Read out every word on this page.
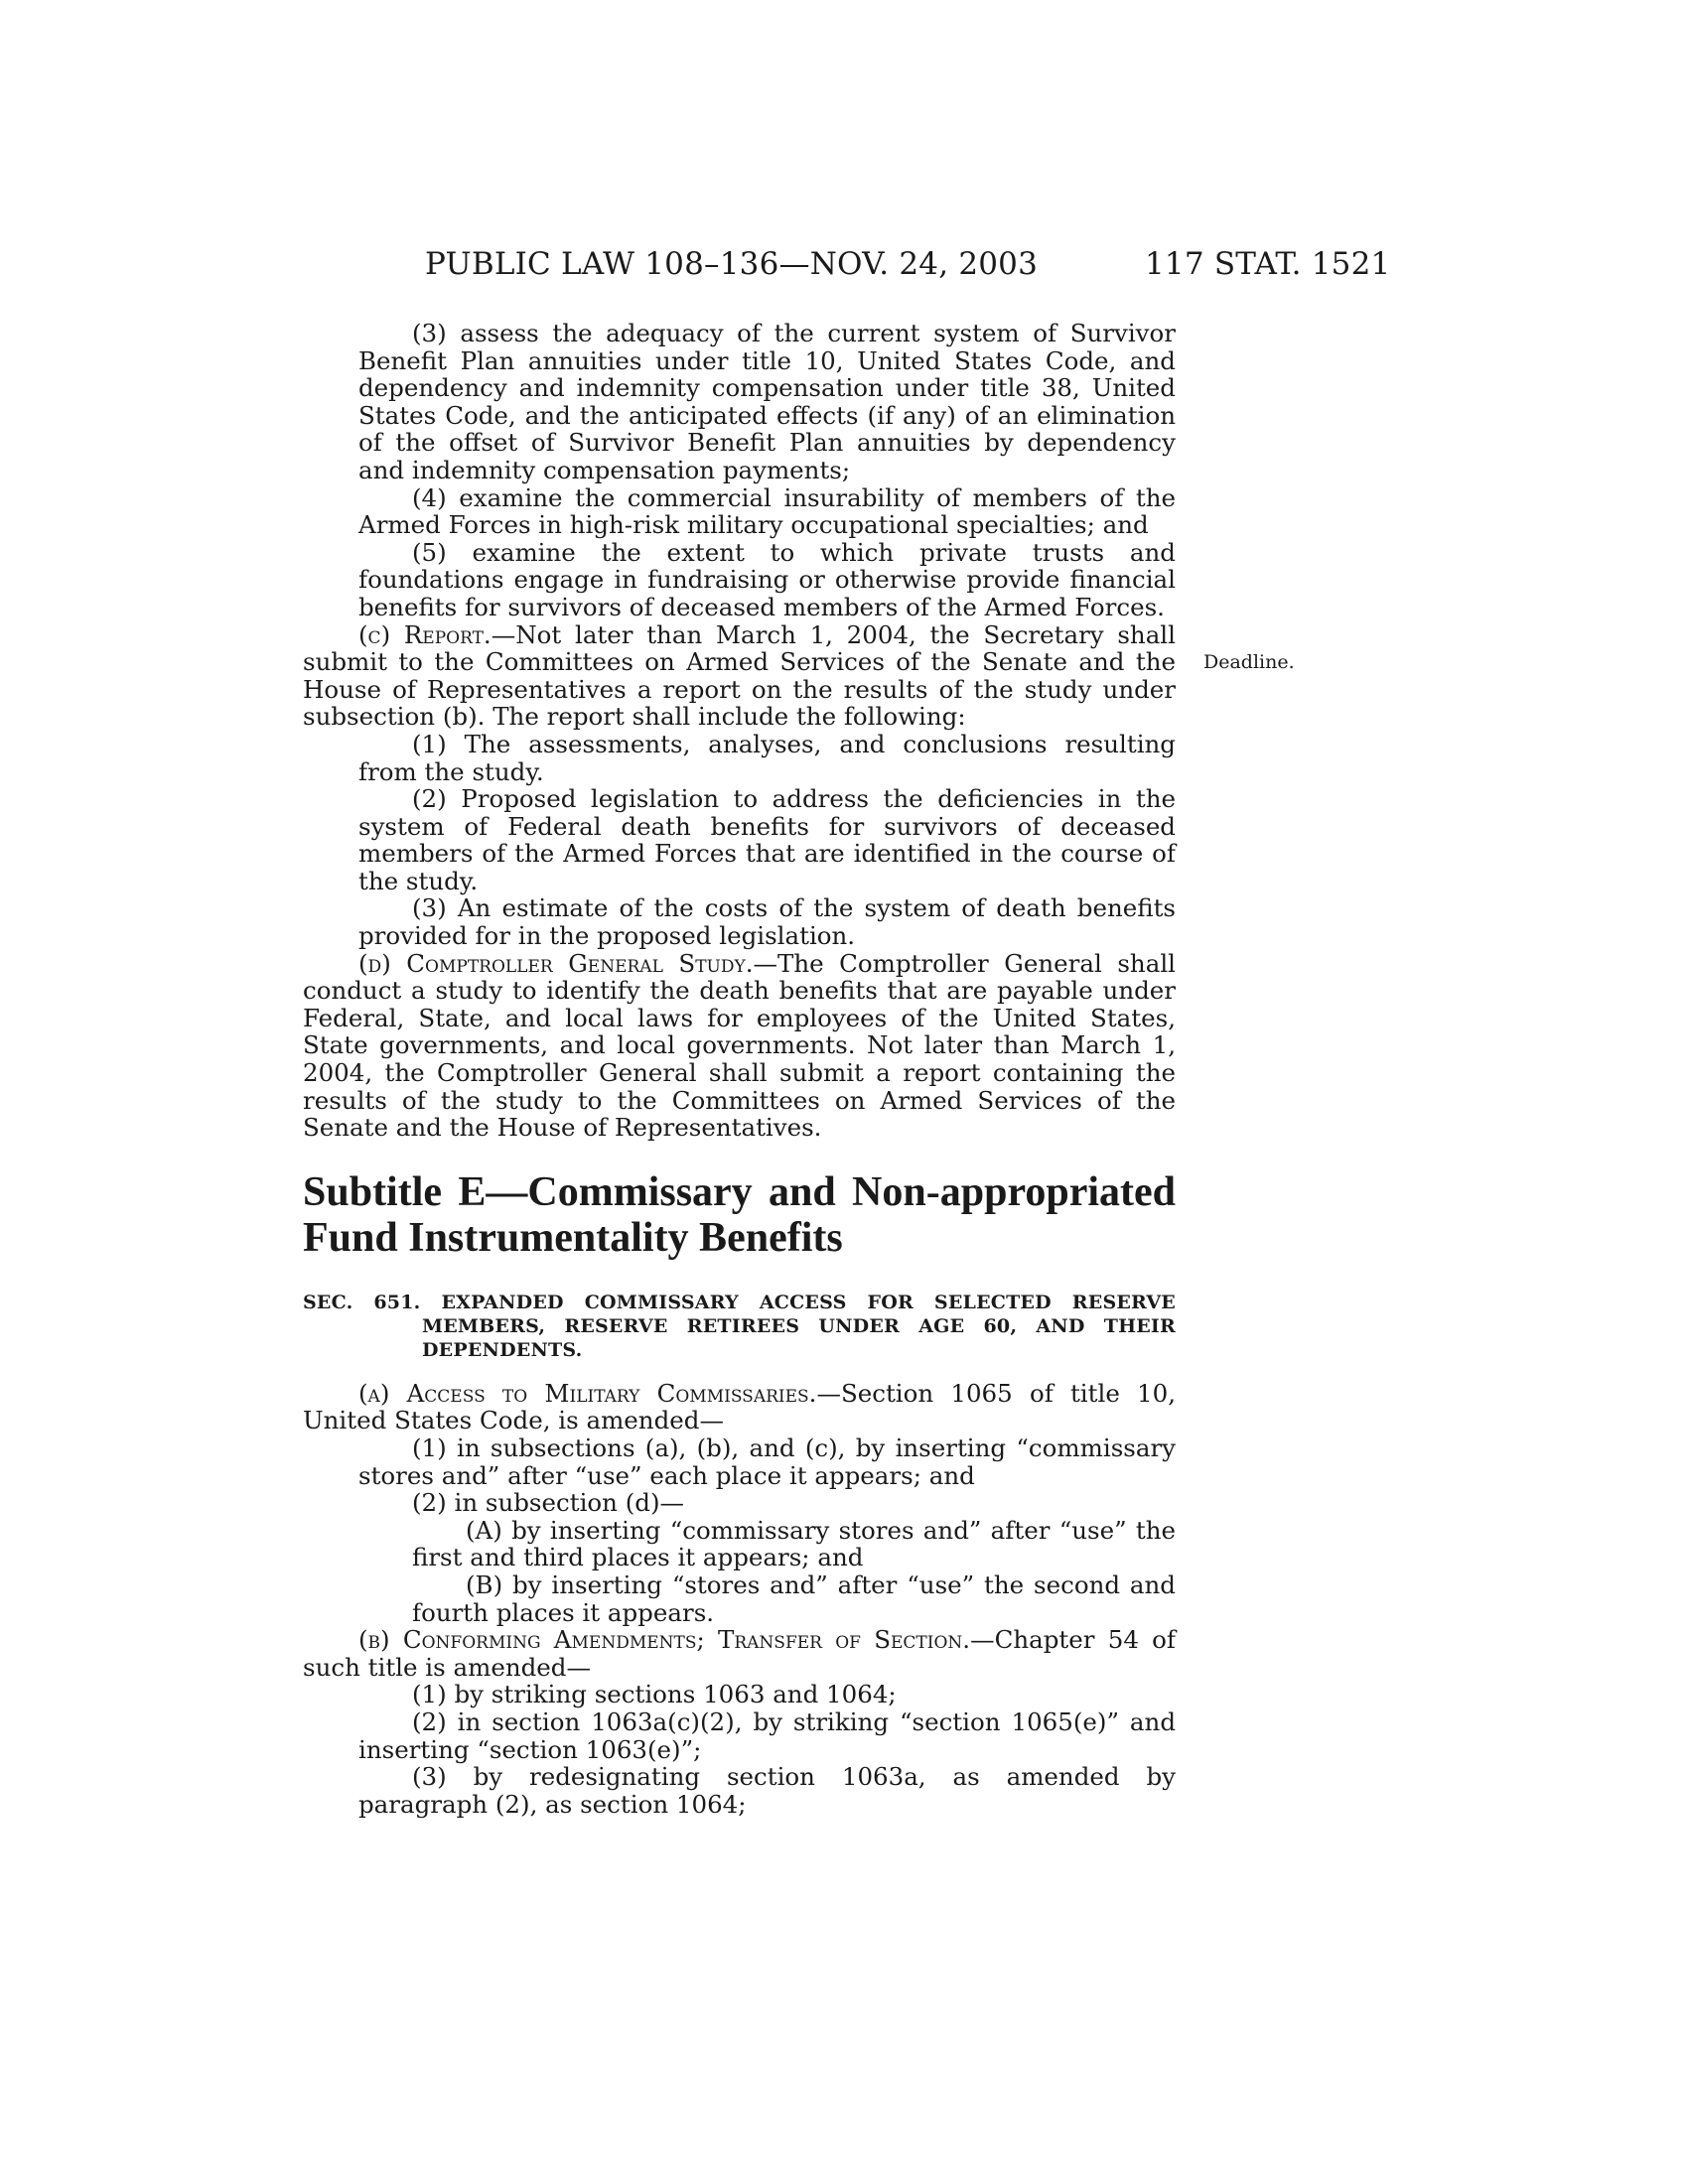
PUBLIC LAW 108–136—NOV. 24, 2003	117 STAT. 1521
Deadline.

(3) assess the adequacy of the current system of Survivor Benefit Plan annuities under title 10, United States Code, and dependency and indemnity compensation under title 38, United States Code, and the anticipated effects (if any) of an elimination of the offset of Survivor Benefit Plan annuities by dependency and indemnity compensation payments;

(4) examine the commercial insurability of members of the Armed Forces in high-risk military occupational specialties; and

(5) examine the extent to which private trusts and foundations engage in fundraising or otherwise provide financial benefits for survivors of deceased members of the Armed Forces.

(c) Report.—Not later than March 1, 2004, the Secretary shall submit to the Committees on Armed Services of the Senate and the House of Representatives a report on the results of the study under subsection (b). The report shall include the following:

(1) The assessments, analyses, and conclusions resulting from the study.

(2) Proposed legislation to address the deficiencies in the system of Federal death benefits for survivors of deceased members of the Armed Forces that are identified in the course of the study.

(3) An estimate of the costs of the system of death benefits provided for in the proposed legislation.

(d) Comptroller General Study.—The Comptroller General shall conduct a study to identify the death benefits that are payable under Federal, State, and local laws for employees of the United States, State governments, and local governments. Not later than March 1, 2004, the Comptroller General shall submit a report containing the results of the study to the Committees on Armed Services of the Senate and the House of Representatives.

Subtitle E—Commissary and Non-appropriated Fund Instrumentality Benefits
SEC. 651. EXPANDED COMMISSARY ACCESS FOR SELECTED RESERVE MEMBERS, RESERVE RETIREES UNDER AGE 60, AND THEIR DEPENDENTS.

(a) Access to Military Commissaries.—Section 1065 of title 10, United States Code, is amended—

(1) in subsections (a), (b), and (c), by inserting “commissary stores and” after “use” each place it appears; and

(2) in subsection (d)—

(A) by inserting “commissary stores and” after “use” the first and third places it appears; and

(B) by inserting “stores and” after “use” the second and fourth places it appears.

(b) Conforming Amendments; Transfer of Section.—Chapter 54 of such title is amended—

(1) by striking sections 1063 and 1064;

(2) in section 1063a(c)(2), by striking “section 1065(e)” and inserting “section 1063(e)”;

(3) by redesignating section 1063a, as amended by paragraph (2), as section 1064;
